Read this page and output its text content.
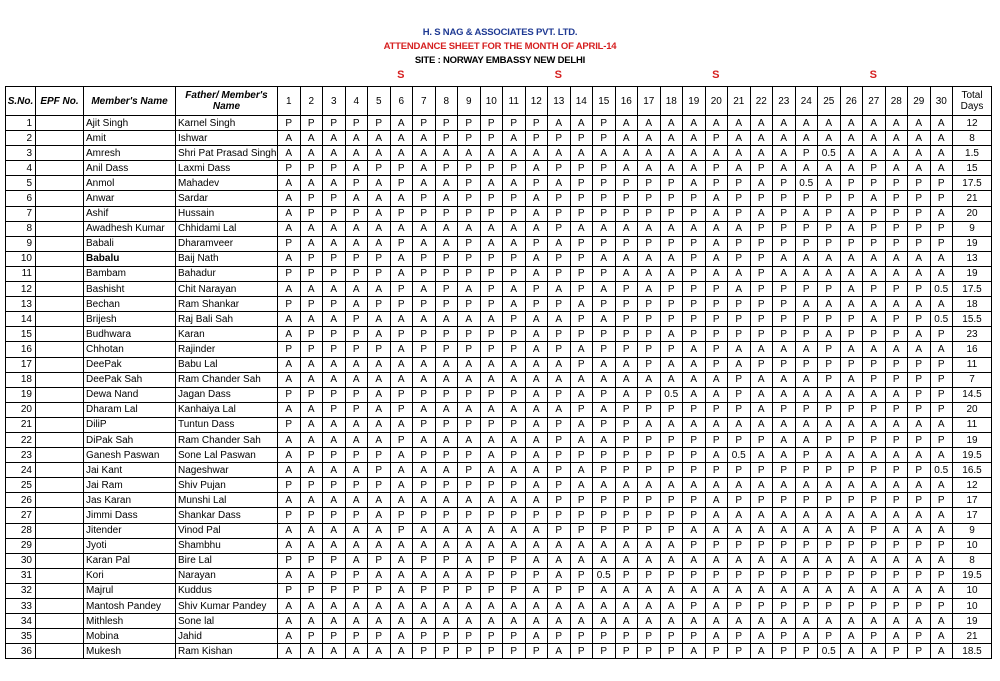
H. S NAG & ASSOCIATES PVT. LTD.
ATTENDANCE SHEET FOR THE MONTH OF APRIL-14
SITE : NORWAY EMBASSY NEW DELHI
S	S	S	S
S.No.	EPF No.	Member's Name	Father/ Member's Name	1	2	3	4	5	6	7	8	9	10	11	12	13	14	15	16	17	18	19	20	21	22	23	24	25	26	27	28	29	30	Total Days
1		Ajit Singh	Karnel Singh	P	P	P	P	P	A	P	P	P	P	P	P	A	A	P	A	A	A	A	A	A	A	A	A	A	A	A	A	A	A	12
2		Amit	Ishwar	A	A	A	A	A	A	A	P	P	P	A	P	P	P	P	A	A	A	A	P	A	A	A	A	A	A	A	A	A	A	8
3		Amresh	Shri Pat Prasad Singh	A	A	A	A	A	A	A	A	A	A	A	A	A	A	A	A	A	A	A	A	A	A	A	P	0.5	A	A	A	A	A	1.5
4		Anil Dass	Laxmi Dass	P	P	P	A	P	P	A	P	P	P	P	A	P	P	P	A	A	A	A	P	A	P	A	A	A	A	P	A	A	A	15
5		Anmol	Mahadev	A	A	A	P	A	P	A	A	P	A	A	P	A	P	P	P	P	P	A	P	P	A	P	0.5	A	P	P	P	P	P	17.5
6		Anwar	Sardar	A	P	P	A	A	A	P	A	P	P	P	A	P	P	P	P	P	P	P	A	P	P	P	P	P	P	A	P	P	P	21
7		Ashif	Hussain	A	P	P	P	A	P	P	P	P	P	P	A	P	P	P	P	P	P	P	A	P	A	P	A	P	A	P	P	P	A	20
8		Awadhesh Kumar	Chhidami Lal	A	A	A	A	A	A	A	A	A	A	A	A	P	A	A	A	A	A	A	A	A	P	P	P	P	A	P	P	P	P	9
9		Babali	Dharamveer	P	A	A	A	A	P	A	A	P	A	A	P	A	P	P	P	P	P	P	A	P	P	P	P	P	P	P	P	P	P	19
10		Babalu	Baij Nath	A	P	P	P	P	A	P	P	P	P	P	A	P	P	A	A	A	A	P	A	P	P	A	A	A	A	A	A	A	A	13
11		Bambam	Bahadur	P	P	P	P	P	A	P	P	P	P	P	A	P	P	P	A	A	A	P	A	A	P	A	A	A	A	A	A	A	A	19
12		Bashisht	Chit Narayan	A	A	A	A	A	P	A	P	A	P	A	P	A	P	A	P	A	P	P	P	A	P	P	P	P	A	P	P	P	0.5	17.5
13		Bechan	Ram Shankar	P	P	P	A	P	P	P	P	P	P	A	P	P	A	P	P	P	P	P	P	P	P	P	A	A	A	A	A	A	A	18
14		Brijesh	Raj Bali Sah	A	A	A	P	A	A	A	A	A	A	P	A	A	P	A	P	P	P	P	P	P	P	P	P	P	P	A	P	P	0.5	15.5
15		Budhwara	Karan	A	P	P	P	A	P	P	P	P	P	P	A	P	P	P	P	P	A	P	P	P	P	P	P	A	P	P	P	A	P	23
16		Chhotan	Rajinder	P	P	P	P	P	A	P	P	P	P	P	A	P	A	P	P	P	P	A	P	A	A	A	A	P	A	A	A	A	A	16
17		DeePak	Babu Lal	A	A	A	A	A	A	A	A	A	A	A	A	A	P	A	A	P	A	A	P	A	P	P	P	P	P	P	P	P	P	11
18		DeePak Sah	Ram Chander Sah	A	A	A	A	A	A	A	A	A	A	A	A	A	A	A	A	A	A	A	A	P	A	A	A	P	A	P	P	P	P	7
19		Dewa Nand	Jagan Dass	P	P	P	P	A	P	P	P	P	P	P	A	P	A	P	A	P	0.5	A	A	P	A	A	A	A	A	A	A	P	P	14.5
20		Dharam Lal	Kanhaiya Lal	A	A	P	P	A	P	A	A	A	A	A	A	A	P	A	P	P	P	P	P	P	A	P	P	P	P	P	P	P	P	20
21		DiliP	Tuntun Dass	P	A	A	A	A	A	P	P	P	P	P	A	P	A	P	P	A	A	A	A	A	A	A	A	A	A	A	A	A	A	11
22		DiPak Sah	Ram Chander Sah	A	A	A	A	A	P	A	A	A	A	A	A	P	A	A	P	P	P	P	P	P	P	A	A	P	P	P	P	P	P	19
23		Ganesh Paswan	Sone Lal Paswan	A	P	P	P	P	A	P	P	P	A	P	A	P	P	P	P	P	P	P	A	0.5	A	A	P	A	A	A	A	A	A	19.5
24		Jai Kant	Nageshwar	A	A	A	A	P	A	A	A	P	A	A	A	P	A	P	P	P	P	P	P	P	P	P	P	P	P	P	P	P	0.5	16.5
25		Jai Ram	Shiv Pujan	P	P	P	P	P	A	P	P	P	P	P	A	P	A	A	A	A	A	A	A	A	A	A	A	A	A	A	A	A	A	12
26		Jas Karan	Munshi Lal	A	A	A	A	A	A	A	A	A	A	A	A	P	P	P	P	P	P	P	A	P	P	P	P	P	P	P	P	P	P	17
27		Jimmi Dass	Shankar Dass	P	P	P	P	A	P	P	P	P	P	P	P	P	P	P	P	P	P	P	A	A	A	A	A	A	A	A	A	A	A	17
28		Jitender	Vinod Pal	A	A	A	A	A	P	A	A	A	A	A	A	P	P	P	P	P	P	A	A	A	A	A	A	A	A	P	A	A	A	9
29		Jyoti	Shambhu	A	A	A	A	A	A	A	A	A	A	A	A	A	A	A	A	A	A	P	P	P	P	P	P	P	P	P	P	P	P	10
30		Karan Pal	Bire Lal	P	P	P	A	P	A	P	P	A	P	P	A	A	A	A	A	A	A	A	A	A	A	A	A	A	A	A	A	A	A	8
31		Kori	Narayan	A	A	P	P	A	A	A	A	A	P	P	P	A	P	0.5	P	P	P	P	P	P	P	P	P	P	P	P	P	P	P	19.5
32		Majrul	Kuddus	P	P	P	P	P	A	P	P	P	P	P	A	P	P	A	A	A	A	A	A	A	A	A	A	A	A	A	A	A	A	10
33		Mantosh Pandey	Shiv Kumar Pandey	A	A	A	A	A	A	A	A	A	A	A	A	A	A	A	A	A	A	P	A	P	P	P	P	P	P	P	P	P	P	10
34		Mithlesh	Sone lal	A	A	A	A	A	A	A	A	A	A	A	A	A	A	A	A	A	A	A	A	A	A	A	A	A	A	A	A	A	A	19
35		Mobina	Jahid	A	P	P	P	P	A	P	P	P	P	P	A	P	P	P	P	P	P	P	A	P	A	P	A	P	A	P	A	P	A	21
36		Mukesh	Ram Kishan	A	A	A	A	A	A	P	P	P	P	P	P	A	P	P	P	P	P	A	P	P	A	P	P	0.5	A	A	P	P	A	18.5
